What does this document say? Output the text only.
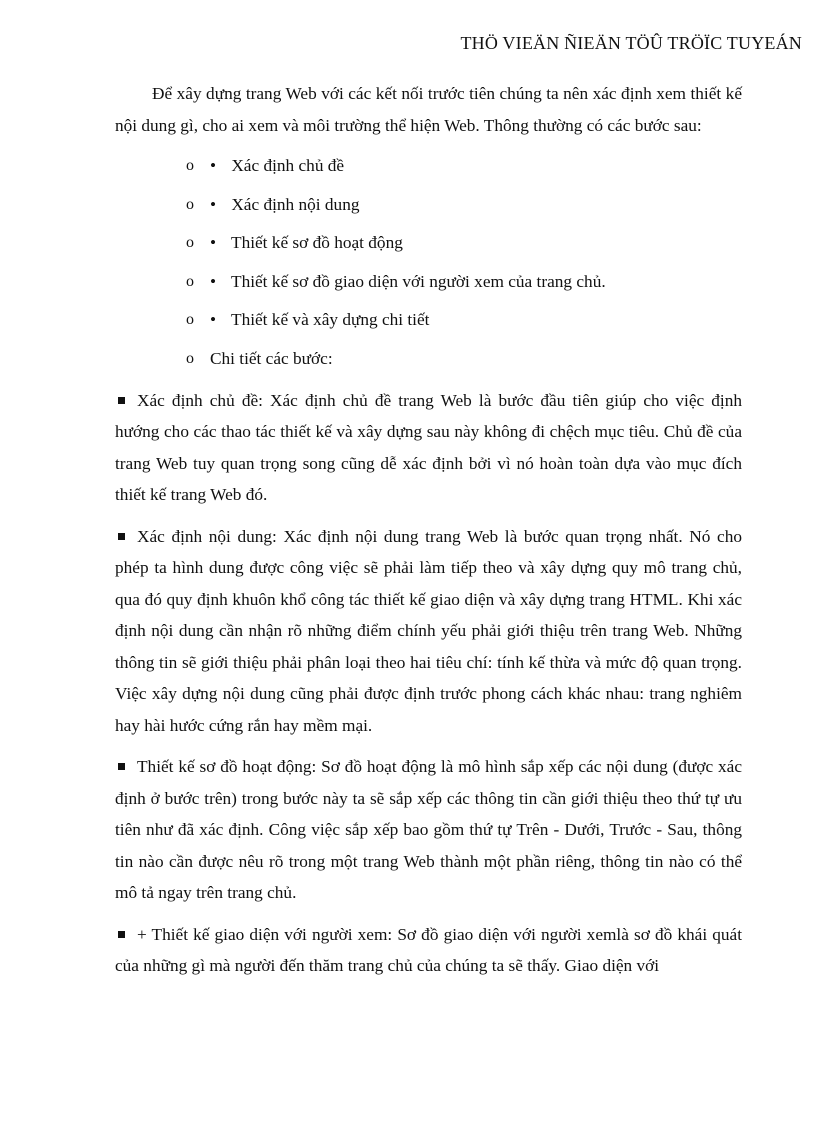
THÖ VIEÄN ÑIEÄN TÖÛ TRÖÏC TUYEÁN

Để xây dựng trang Web với các kết nối trước tiên chúng ta nên xác định xem thiết kế nội dung gì, cho ai xem và môi trường thể hiện Web. Thông thường có các bước sau:

o • Xác định chủ đề
o • Xác định nội dung
o • Thiết kế sơ đồ hoạt động
o • Thiết kế sơ đồ giao diện với người xem của trang chủ.
o • Thiết kế và xây dựng chi tiết
o Chi tiết các bước:

Xác định chủ đề: Xác định chủ đề trang Web là bước đầu tiên giúp cho việc định hướng cho các thao tác thiết kế và xây dựng sau này không đi chệch mục tiêu. Chủ đề của trang Web tuy quan trọng song cũng dễ xác định bởi vì nó hoàn toàn dựa vào mục đích thiết kế trang Web đó.

Xác định nội dung: Xác định nội dung trang Web là bước quan trọng nhất. Nó cho phép ta hình dung được công việc sẽ phải làm tiếp theo và xây dựng quy mô trang chủ, qua đó quy định khuôn khổ công tác thiết kế giao diện và xây dựng trang HTML. Khi xác định nội dung cần nhận rõ những điểm chính yếu phải giới thiệu trên trang Web. Những thông tin sẽ giới thiệu phải phân loại theo hai tiêu chí: tính kế thừa và mức độ quan trọng. Việc xây dựng nội dung cũng phải được định trước phong cách khác nhau: trang nghiêm hay hài hước cứng rắn hay mềm mại.

Thiết kế sơ đồ hoạt động: Sơ đồ hoạt động là mô hình sắp xếp các nội dung (được xác định ở bước trên) trong bước này ta sẽ sắp xếp các thông tin cần giới thiệu theo thứ tự ưu tiên như đã xác định. Công việc sắp xếp bao gồm thứ tự Trên - Dưới, Trước - Sau, thông tin nào cần được nêu rõ trong một trang Web thành một phần riêng, thông tin nào có thể mô tả ngay trên trang chủ.

+ Thiết kế giao diện với người xem: Sơ đồ giao diện với người xemlà sơ đồ khái quát của những gì mà người đến thăm trang chủ của chúng ta sẽ thấy. Giao diện với
